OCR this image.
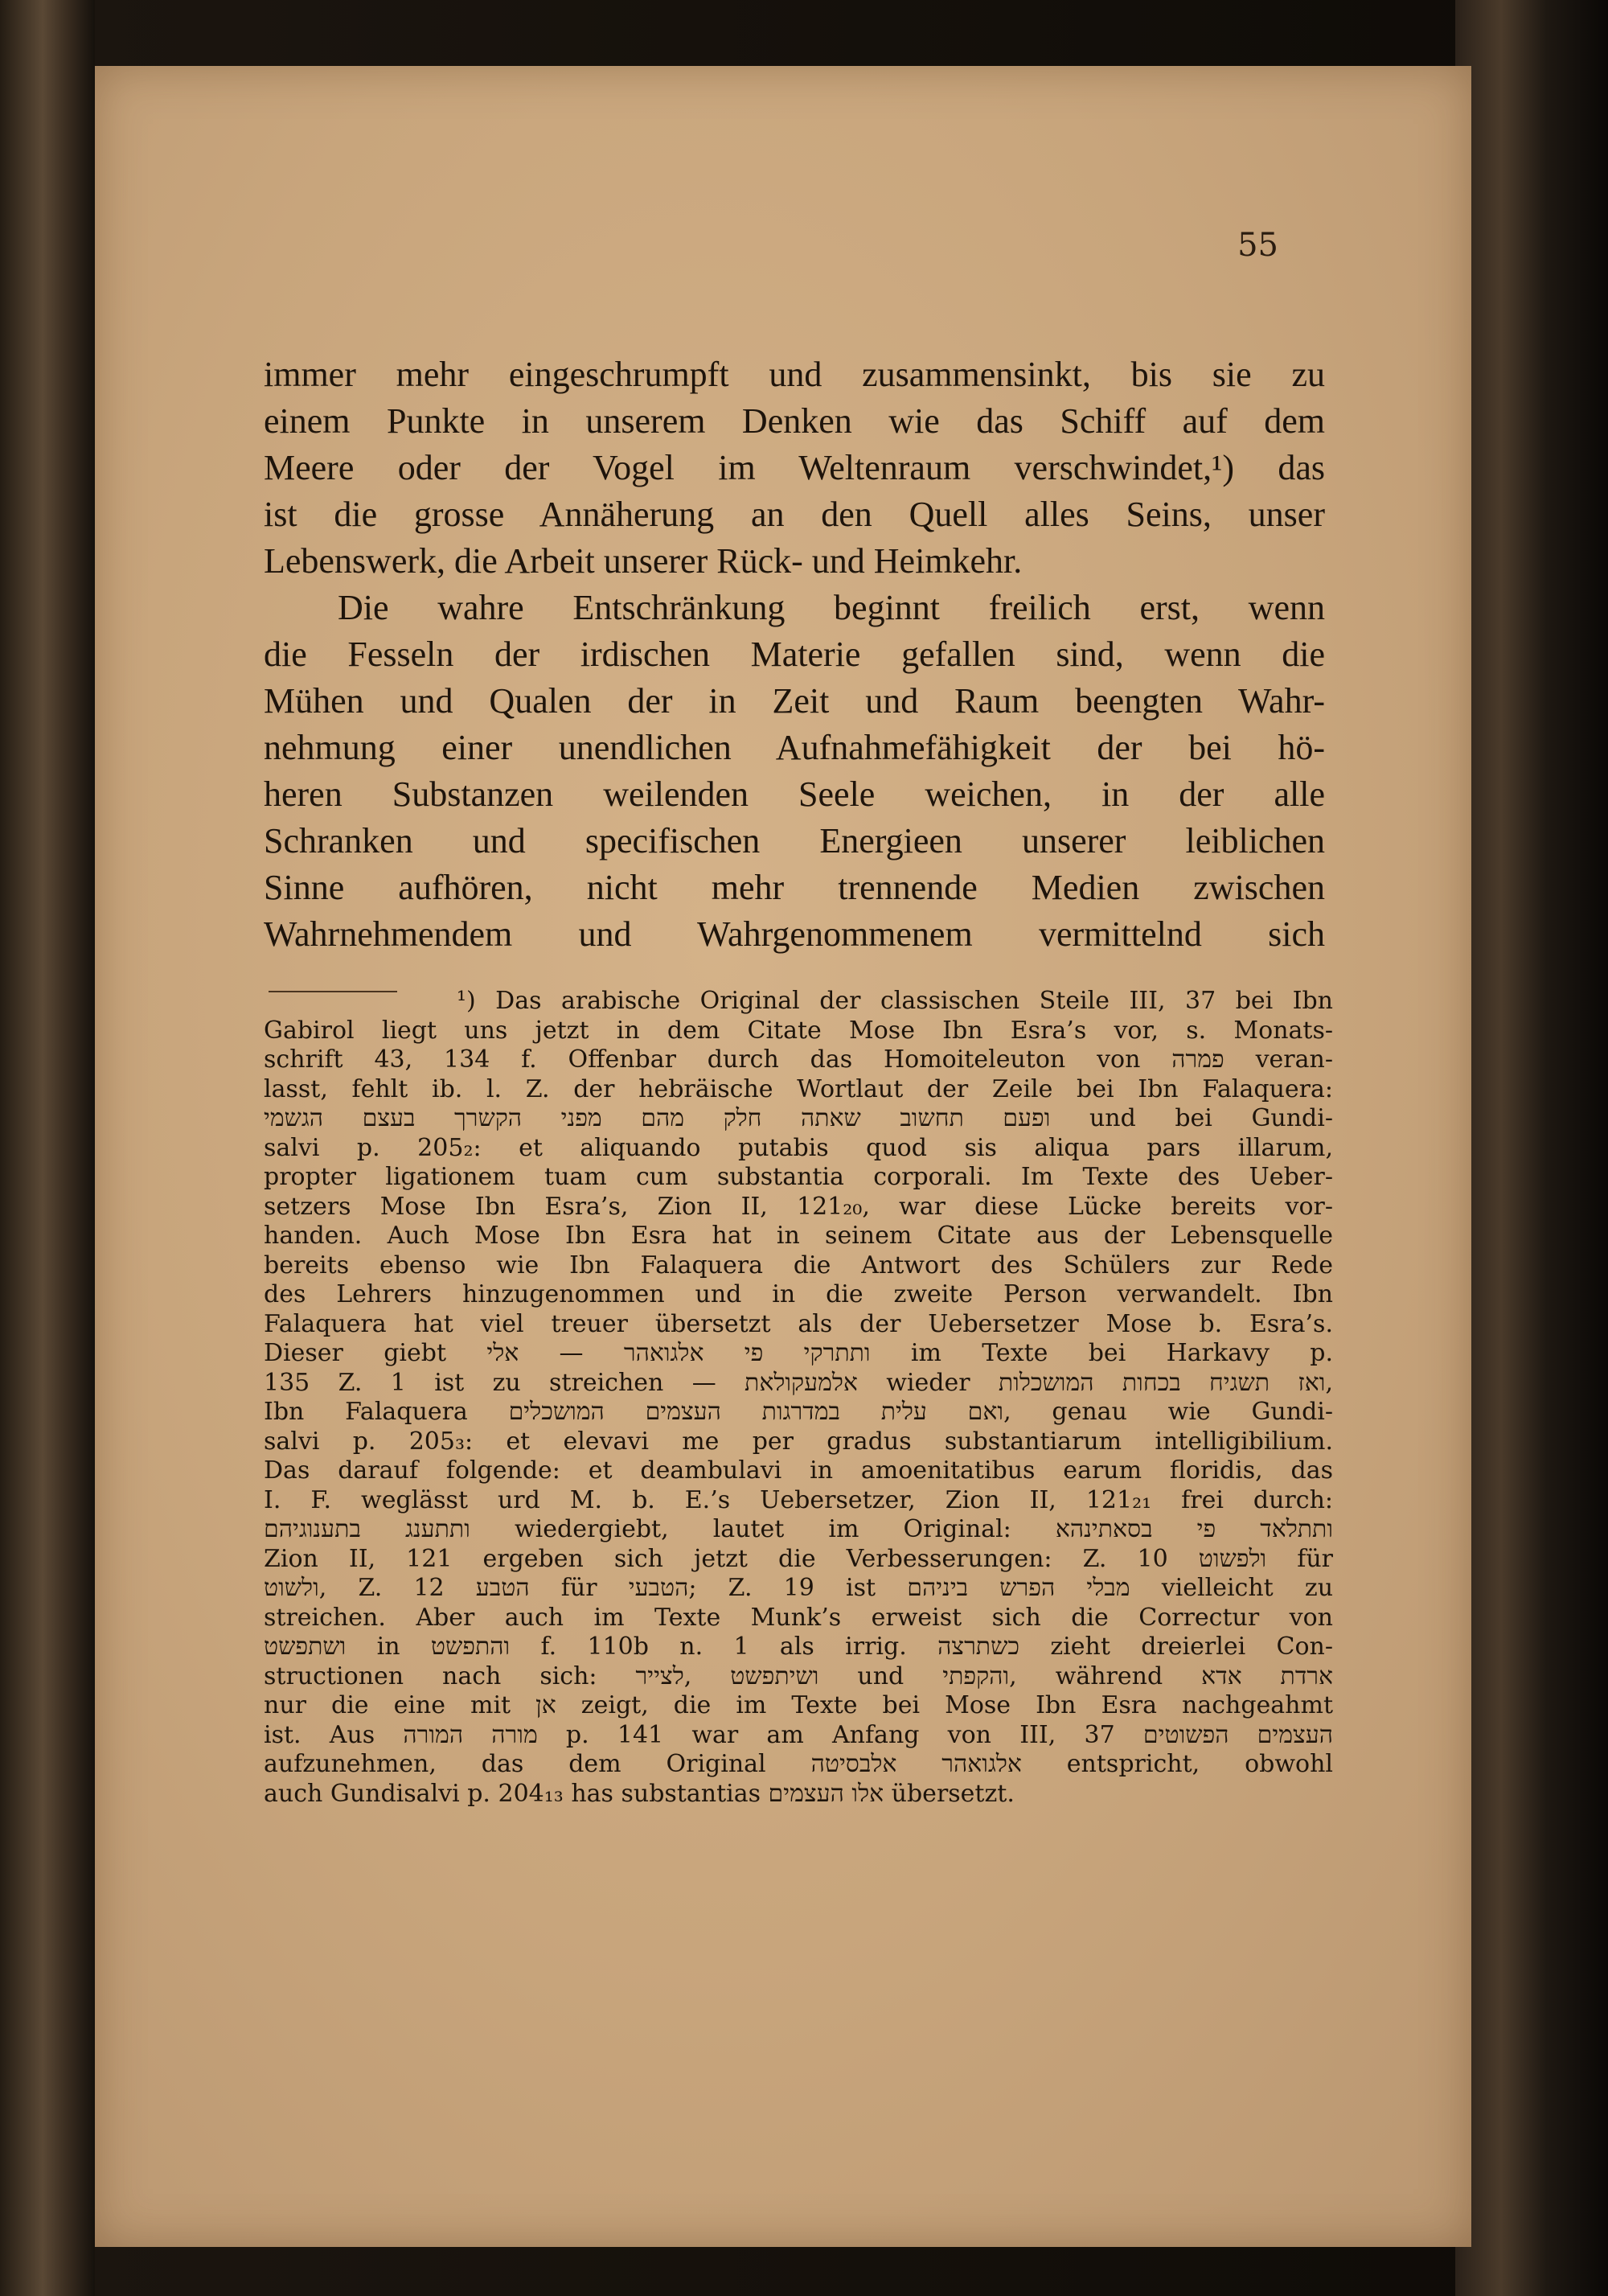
55
immer mehr eingeschrumpft und zusammensinkt, bis sie zu
einem Punkte in unserem Denken wie das Schiff auf dem
Meere oder der Vogel im Weltenraum verschwindet,¹) das
ist die grosse Annäherung an den Quell alles Seins, unser
Lebenswerk, die Arbeit unserer Rück- und Heimkehr.
Die wahre Entschränkung beginnt freilich erst, wenn
die Fesseln der irdischen Materie gefallen sind, wenn die
Mühen und Qualen der in Zeit und Raum beengten Wahr-
nehmung einer unendlichen Aufnahmefähigkeit der bei hö-
heren Substanzen weilenden Seele weichen, in der alle
Schranken und specifischen Energieen unserer leiblichen
Sinne aufhören, nicht mehr trennende Medien zwischen
Wahrnehmendem und Wahrgenommenem vermittelnd sich
¹) Das arabische Original der classischen Steile III, 37 bei Ibn
Gabirol liegt uns jetzt in dem Citate Mose Ibn Esra’s vor, s. Monats-
schrift 43, 134 f. Offenbar durch das Homoiteleuton von פמרה veran-
lasst, fehlt ib. l. Z. der hebräische Wortlaut der Zeile bei Ibn Falaquera:
ופעם תחשוב שאתה חלק מהם מפני הקשרך בעצם הגשמי und bei Gundi-
salvi p. 205₂: et aliquando putabis quod sis aliqua pars illarum,
propter ligationem tuam cum substantia corporali. Im Texte des Ueber-
setzers Mose Ibn Esra’s, Zion II, 121₂₀, war diese Lücke bereits vor-
handen. Auch Mose Ibn Esra hat in seinem Citate aus der Lebensquelle
bereits ebenso wie Ibn Falaquera die Antwort des Schülers zur Rede
des Lehrers hinzugenommen und in die zweite Person verwandelt. Ibn
Falaquera hat viel treuer übersetzt als der Uebersetzer Mose b. Esra’s.
Dieser giebt ותתרקי פי אלגואהר — אלי im Texte bei Harkavy p.
135 Z. 1 ist zu streichen — אלמעקולאת wieder ואז תשגיח בכחות המושכלות,
Ibn Falaquera ואם עלית במדרגות העצמים המושכלים, genau wie Gundi-
salvi p. 205₃: et elevavi me per gradus substantiarum intelligibilium.
Das darauf folgende: et deambulavi in amoenitatibus earum floridis, das
I. F. weglässt urd M. b. E.’s Uebersetzer, Zion II, 121₂₁ frei durch:
ותתענג בתענוגיהם wiedergiebt, lautet im Original: ותתלאד פי בסאתינהא
Zion II, 121 ergeben sich jetzt die Verbesserungen: Z. 10 ולפשוט für
ולשוט, Z. 12 הטבע für הטבעי; Z. 19 ist מבלי הפרש ביניהם vielleicht zu
streichen. Aber auch im Texte Munk’s erweist sich die Correctur von
ושתפשט in והתפשט f. 110b n. 1 als irrig. כשתרצה zieht dreierlei Con-
structionen nach sich: ושיתפשט ,לצייר und והקפתי, während ארדת אדא
nur die eine mit אן zeigt, die im Texte bei Mose Ibn Esra nachgeahmt
ist. Aus מורה המורה p. 141 war am Anfang von III, 37 העצמים הפשוטים
aufzunehmen, das dem Original אלגואהר אלבסיטה entspricht, obwohl
auch Gundisalvi p. 204₁₃ has substantias אלו העצמים übersetzt.
